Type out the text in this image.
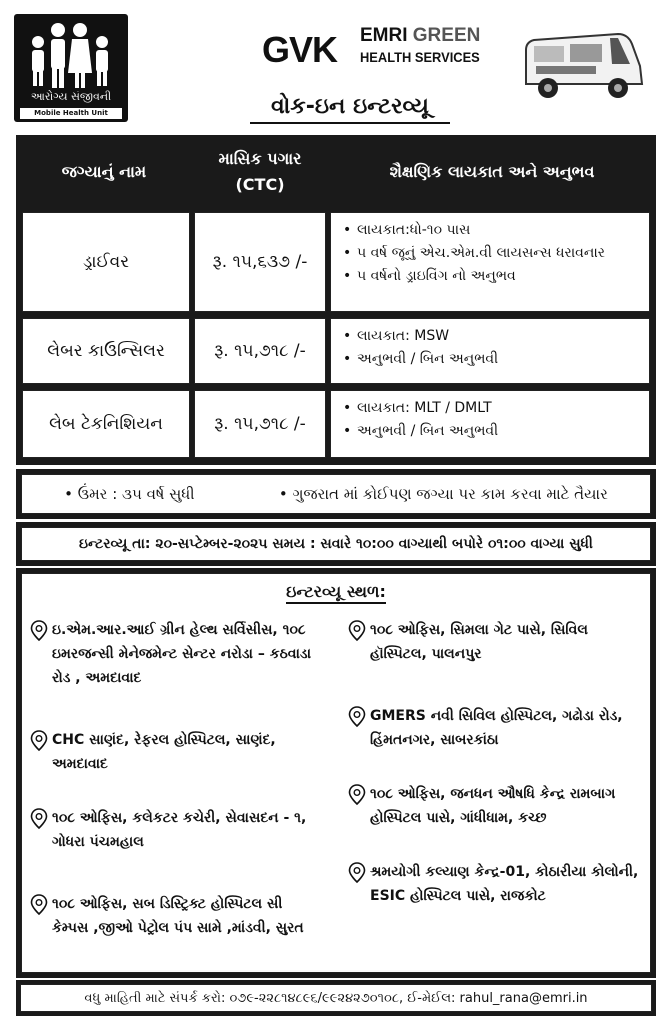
આરોગ્ય સંજીવની
Mobile Health Unit
GVK EMRI GREEN
HEALTH SERVICES
વોક-ઇન ઇન્ટરવ્યૂ
જગ્યાનું નામ
માસિક પગાર
(CTC)
શૈક્ષણિક લાયકાત અને અનુભવ
ડ્રાઈવર	રૂ. ૧૫,૬૩૭ /-
• લાયકાત:ધો-૧૦ પાસ
• ૫ વર્ષ જૂનું એચ.એમ.વી લાયસન્સ ધરાવનાર
• ૫ વર્ષનો ડ્રાઇવિંગ નો અનુભવ
લેબર કાઉન્સિલર	રૂ. ૧૫,૭૧૮ /-
• લાયકાત: MSW
• અનુભવી / બિન અનુભવી
લેબ ટેકનિશિયન	રૂ. ૧૫,૭૧૮ /-
• લાયકાત: MLT / DMLT
• અનુભવી / બિન અનુભવી
• ઉંમર : ૩૫ વર્ષ સુધી	• ગુજરાત માં કોઈપણ જગ્યા પર કામ કરવા માટે તૈયાર
ઇન્ટરવ્યૂ તા: ૨૦-સપ્ટેમ્બર-૨૦૨૫ સમય : સવારે ૧૦:૦૦ વાગ્યાથી બપોરે ૦૧:૦૦ વાગ્યા સુધી
ઇન્ટરવ્યૂ સ્થળ:
ઇ.એમ.આર.આઈ ગ્રીન હેલ્થ સર્વિસીસ, ૧૦૮
ઇમરજન્સી મેનેજમેન્ટ સેન્ટર નરોડા – કઠવાડા
રોડ , અમદાવાદ
CHC સાણંદ, રેફરલ હોસ્પિટલ, સાણંદ,
અમદાવાદ
૧૦૮ ઓફિસ, કલેકટર કચેરી, સેવાસદન - ૧,
ગોધરા પંચમહાલ
૧૦૮ ઓફિસ, સબ ડિસ્ટ્રિક્ટ હોસ્પિટલ સી
કેમ્પસ ,જીઓ પેટ્રોલ પંપ સામે ,માંડવી, સુરત
૧૦૮ ઓફિસ, સિમલા ગેટ પાસે, સિવિલ
હૉસ્પિટલ, પાલનપુર
GMERS નવી સિવિલ હોસ્પિટલ, ગઢોડા રોડ,
હિંમતનગર, સાબરકાંઠા
૧૦૮ ઓફિસ, જનધન ઔષધિ કેન્દ્ર રામબાગ
હોસ્પિટલ પાસે, ગાંધીધામ, કચ્છ
શ્રમયોગી કલ્યાણ કેન્દ્ર-01, કોઠારીયા કોલોની,
ESIC હોસ્પિટલ પાસે, રાજકોટ
વધુ માહિતી માટે સંપર્ક કરો: ૦૭૯-૨૨૮૧૪૮૯૬/૯૯૨૪૨૭૦૧૦૮, ઈ-મેઈલ: rahul_rana@emri.in
